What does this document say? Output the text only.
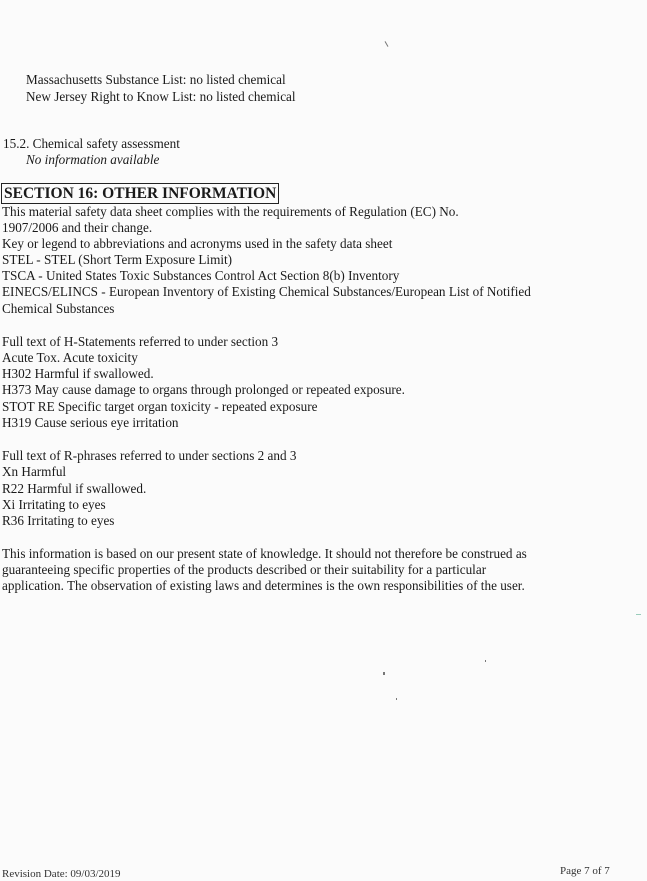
Massachusetts Substance List: no listed chemical
New Jersey Right to Know List: no listed chemical
15.2. Chemical safety assessment
No information available
SECTION 16: OTHER INFORMATION
This material safety data sheet complies with the requirements of Regulation (EC) No.
1907/2006 and their change.
Key or legend to abbreviations and acronyms used in the safety data sheet
STEL - STEL (Short Term Exposure Limit)
TSCA - United States Toxic Substances Control Act Section 8(b) Inventory
EINECS/ELINCS - European Inventory of Existing Chemical Substances/European List of Notified
Chemical Substances
Full text of H-Statements referred to under section 3
Acute Tox. Acute toxicity
H302 Harmful if swallowed.
H373 May cause damage to organs through prolonged or repeated exposure.
STOT RE Specific target organ toxicity - repeated exposure
H319 Cause serious eye irritation
Full text of R-phrases referred to under sections 2 and 3
Xn Harmful
R22 Harmful if swallowed.
Xi Irritating to eyes
R36 Irritating to eyes
This information is based on our present state of knowledge. It should not therefore be construed as
guaranteeing specific properties of the products described or their suitability for a particular
application. The observation of existing laws and determines is the own responsibilities of the user.
Revision Date: 09/03/2019	Page 7 of 7
